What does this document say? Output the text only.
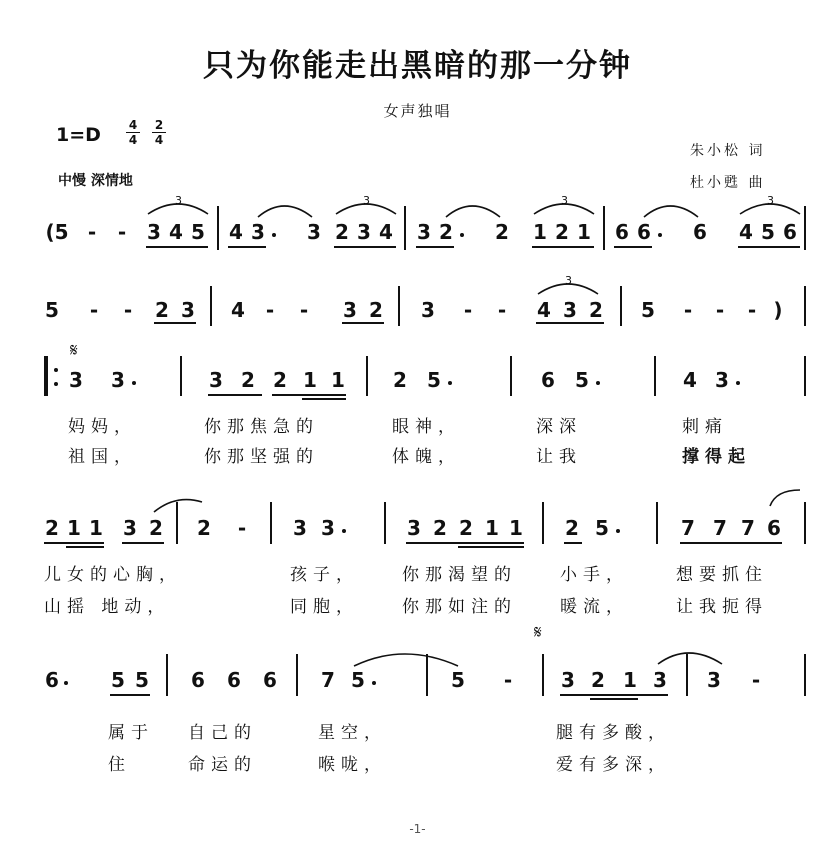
只为你能走出黑暗的那一分钟
女声独唱
1=D 4
4
2
4
中慢 深情地
朱小松 词
杜小甦 曲
(5 - - 3 4 5 4 3 3 2 3 4 3 2 2 1 2 1 6 6 6 4 5 6
3	3	3	3
5 - - 2 3 4 - - 3 2 3 - - 4 3 2 5 - - - )
3
𝄋
3 3	3 2 2 1 1 2 5	6 5	4 3
妈妈，	你那焦急的	眼神，	深深	刺痛
祖国，	你那坚强的	体魄，	让我	撑得起
2 1 1 3 2 2 - 3 3	3 2 2 1 1 2 5	7 7 7 6
儿女的心胸，	孩子，	你那渴望的	小手，	想要抓住
山摇 地动，	同胞，	你那如注的	暖流，	让我扼得
𝄋
6	5 5 6 6 6 7 5	5 - 3 2 1 3 3 -
属于 自己的	星空，	腿有多酸，
住	命运的	喉咙，	爱有多深，
-1-
